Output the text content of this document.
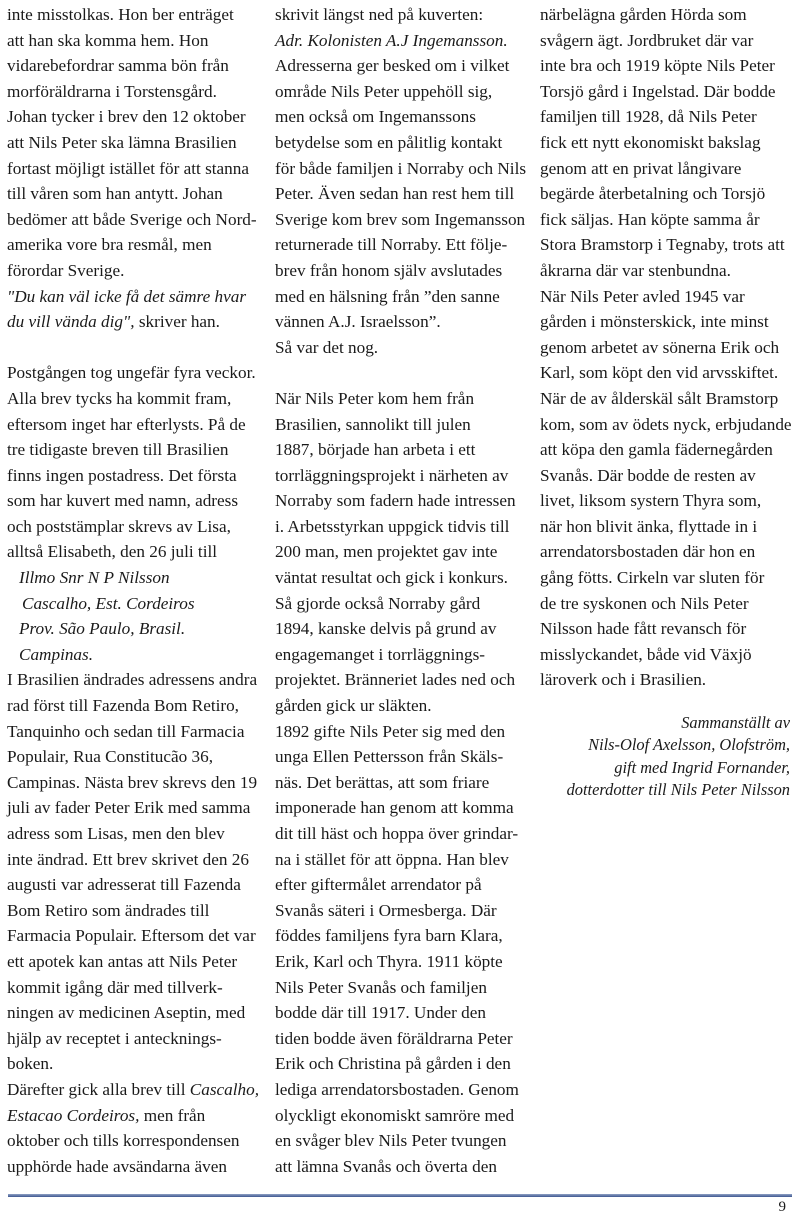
inte misstolkas. Hon ber enträget
att han ska komma hem. Hon
vidarebefordrar samma bön från
morföräldrarna i Torstensgård.
Johan tycker i brev den 12 oktober
att Nils Peter ska lämna Brasilien
fortast möjligt istället för att stanna
till våren som han antytt. Johan
bedömer att både Sverige och Nord-
amerika vore bra resmål, men
förordar Sverige.
"Du kan väl icke få det sämre hvar
du vill vända dig", skriver han.
Postgången tog ungefär fyra veckor.
Alla brev tycks ha kommit fram,
eftersom inget har efterlysts. På de
tre tidigaste breven till Brasilien
finns ingen postadress. Det första
som har kuvert med namn, adress
och poststämplar skrevs av Lisa,
alltså Elisabeth, den 26 juli till
Illmo Snr N P Nilsson
Cascalho, Est. Cordeiros
Prov. São Paulo, Brasil.
Campinas.
I Brasilien ändrades adressens andra
rad först till Fazenda Bom Retiro,
Tanquinho och sedan till Farmacia
Populair, Rua Constitucão 36,
Campinas. Nästa brev skrevs den 19
juli av fader Peter Erik med samma
adress som Lisas, men den blev
inte ändrad. Ett brev skrivet den 26
augusti var adresserat till Fazenda
Bom Retiro som ändrades till
Farmacia Populair. Eftersom det var
ett apotek kan antas att Nils Peter
kommit igång där med tillverk-
ningen av medicinen Aseptin, med
hjälp av receptet i antecknings-
boken.
Därefter gick alla brev till Cascalho,
Estacao Cordeiros, men från
oktober och tills korrespondensen
upphörde hade avsändarna även
skrivit längst ned på kuverten:
Adr. Kolonisten A.J Ingemansson.
Adresserna ger besked om i vilket
område Nils Peter uppehöll sig,
men också om Ingemanssons
betydelse som en pålitlig kontakt
för både familjen i Norraby och Nils
Peter. Även sedan han rest hem till
Sverige kom brev som Ingemansson
returnerade till Norraby. Ett följe-
brev från honom själv avslutades
med en hälsning från ”den sanne
vännen A.J. Israelsson”.
Så var det nog.
När Nils Peter kom hem från
Brasilien, sannolikt till julen
1887, började han arbeta i ett
torrläggningsprojekt i närheten av
Norraby som fadern hade intressen
i. Arbetsstyrkan uppgick tidvis till
200 man, men projektet gav inte
väntat resultat och gick i konkurs.
Så gjorde också Norraby gård
1894, kanske delvis på grund av
engagemanget i torrläggnings-
projektet. Bränneriet lades ned och
gården gick ur släkten.
1892 gifte Nils Peter sig med den
unga Ellen Pettersson från Skäls-
näs. Det berättas, att som friare
imponerade han genom att komma
dit till häst och hoppa över grindar-
na i stället för att öppna. Han blev
efter giftermålet arrendator på
Svanås säteri i Ormesberga. Där
föddes familjens fyra barn Klara,
Erik, Karl och Thyra. 1911 köpte
Nils Peter Svanås och familjen
bodde där till 1917. Under den
tiden bodde även föräldrarna Peter
Erik och Christina på gården i den
lediga arrendatorsbostaden. Genom
olyckligt ekonomiskt samröre med
en svåger blev Nils Peter tvungen
att lämna Svanås och överta den
närbelägna gården Hörda som
svågern ägt. Jordbruket där var
inte bra och 1919 köpte Nils Peter
Torsjö gård i Ingelstad. Där bodde
familjen till 1928, då Nils Peter
fick ett nytt ekonomiskt bakslag
genom att en privat långivare
begärde återbetalning och Torsjö
fick säljas. Han köpte samma år
Stora Bramstorp i Tegnaby, trots att
åkrarna där var stenbundna.
När Nils Peter avled 1945 var
gården i mönsterskick, inte minst
genom arbetet av sönerna Erik och
Karl, som köpt den vid arvsskiftet.
När de av ålderskäl sålt Bramstorp
kom, som av ödets nyck, erbjudande
att köpa den gamla fädernegården
Svanås. Där bodde de resten av
livet, liksom systern Thyra som,
när hon blivit änka, flyttade in i
arrendatorsbostaden där hon en
gång fötts. Cirkeln var sluten för
de tre syskonen och Nils Peter
Nilsson hade fått revansch för
misslyckandet, både vid Växjö
läroverk och i Brasilien.
Sammanställt av
Nils-Olof Axelsson, Olofström,
gift med Ingrid Fornander,
dotterdotter till Nils Peter Nilsson
9
